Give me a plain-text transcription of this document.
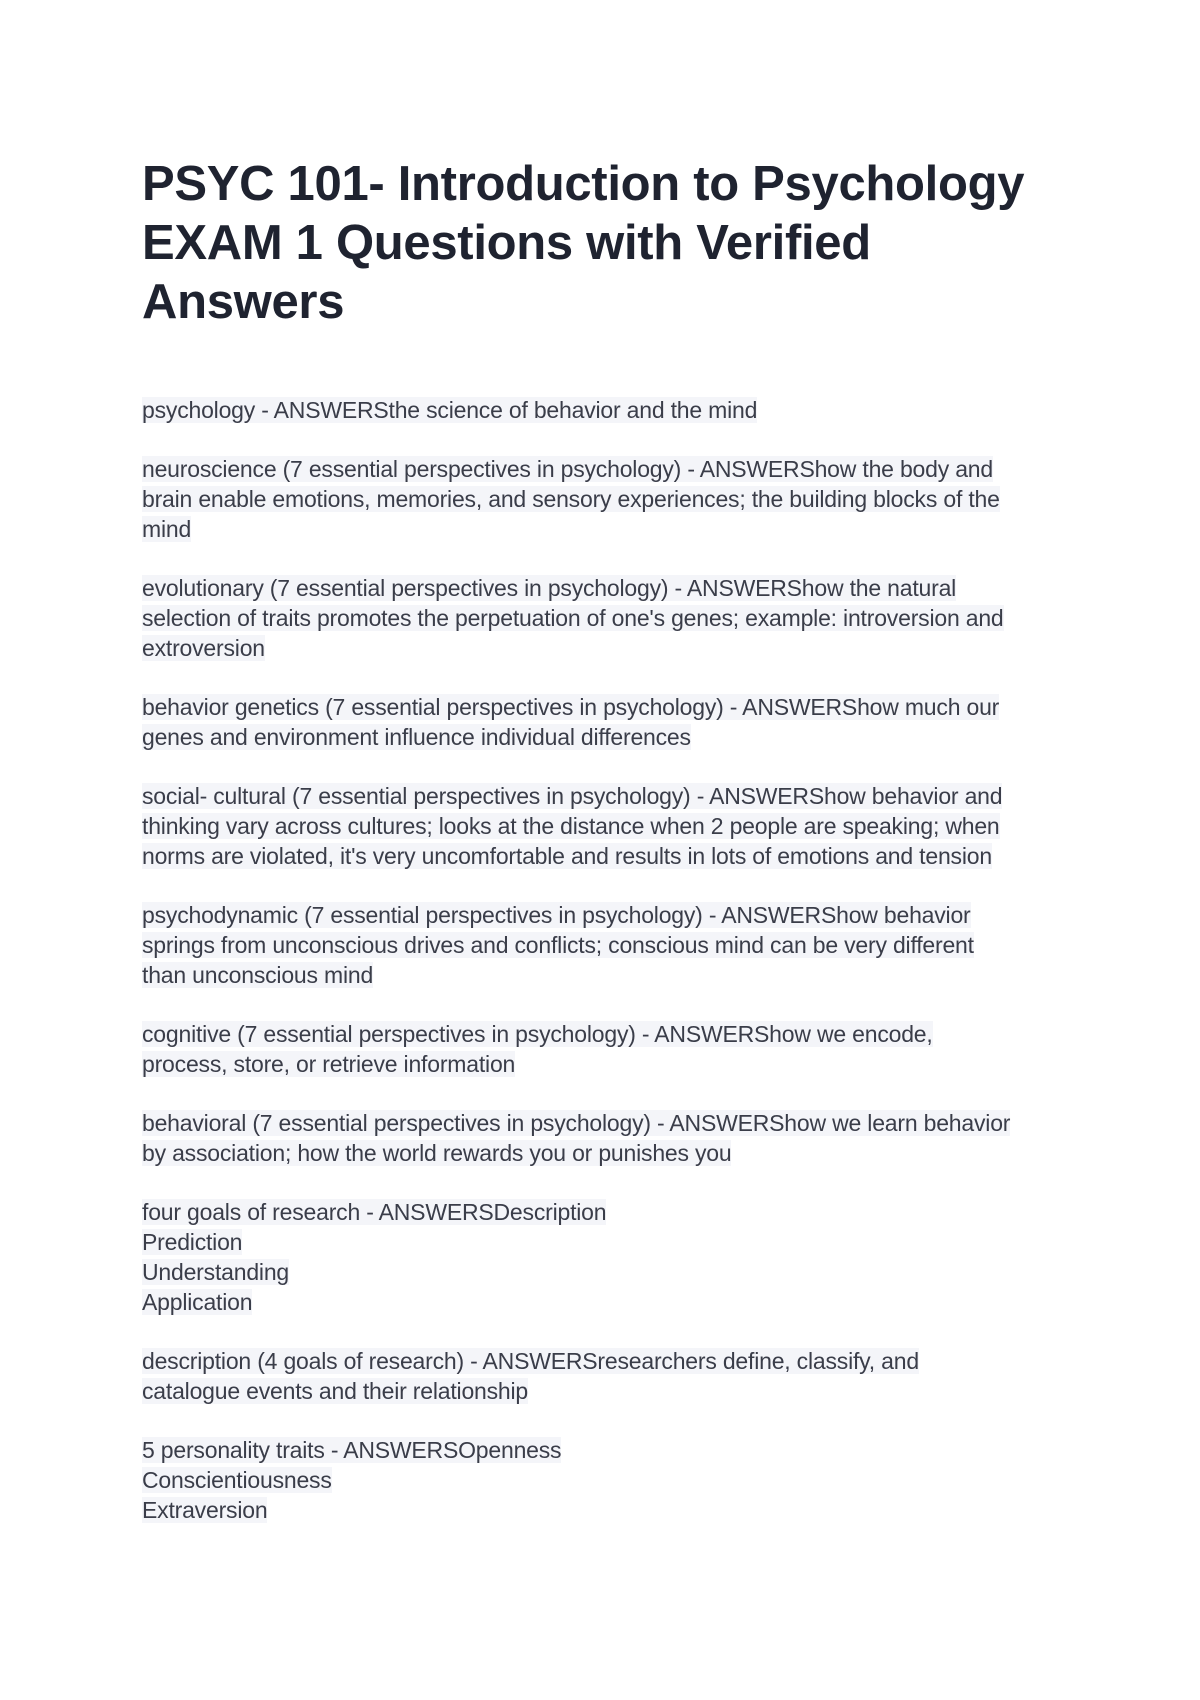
PSYC 101- Introduction to Psychology
EXAM 1 Questions with Verified
Answers
psychology - ANSWERSthe science of behavior and the mind
neuroscience (7 essential perspectives in psychology) - ANSWERShow the body and
brain enable emotions, memories, and sensory experiences; the building blocks of the
mind
evolutionary (7 essential perspectives in psychology) - ANSWERShow the natural
selection of traits promotes the perpetuation of one's genes; example: introversion and
extroversion
behavior genetics (7 essential perspectives in psychology) - ANSWERShow much our
genes and environment influence individual differences
social- cultural (7 essential perspectives in psychology) - ANSWERShow behavior and
thinking vary across cultures; looks at the distance when 2 people are speaking; when
norms are violated, it's very uncomfortable and results in lots of emotions and tension
psychodynamic (7 essential perspectives in psychology) - ANSWERShow behavior
springs from unconscious drives and conflicts; conscious mind can be very different
than unconscious mind
cognitive (7 essential perspectives in psychology) - ANSWERShow we encode,
process, store, or retrieve information
behavioral (7 essential perspectives in psychology) - ANSWERShow we learn behavior
by association; how the world rewards you or punishes you
four goals of research - ANSWERSDescription
Prediction
Understanding
Application
description (4 goals of research) - ANSWERSresearchers define, classify, and
catalogue events and their relationship
5 personality traits - ANSWERSOpenness
Conscientiousness
Extraversion
